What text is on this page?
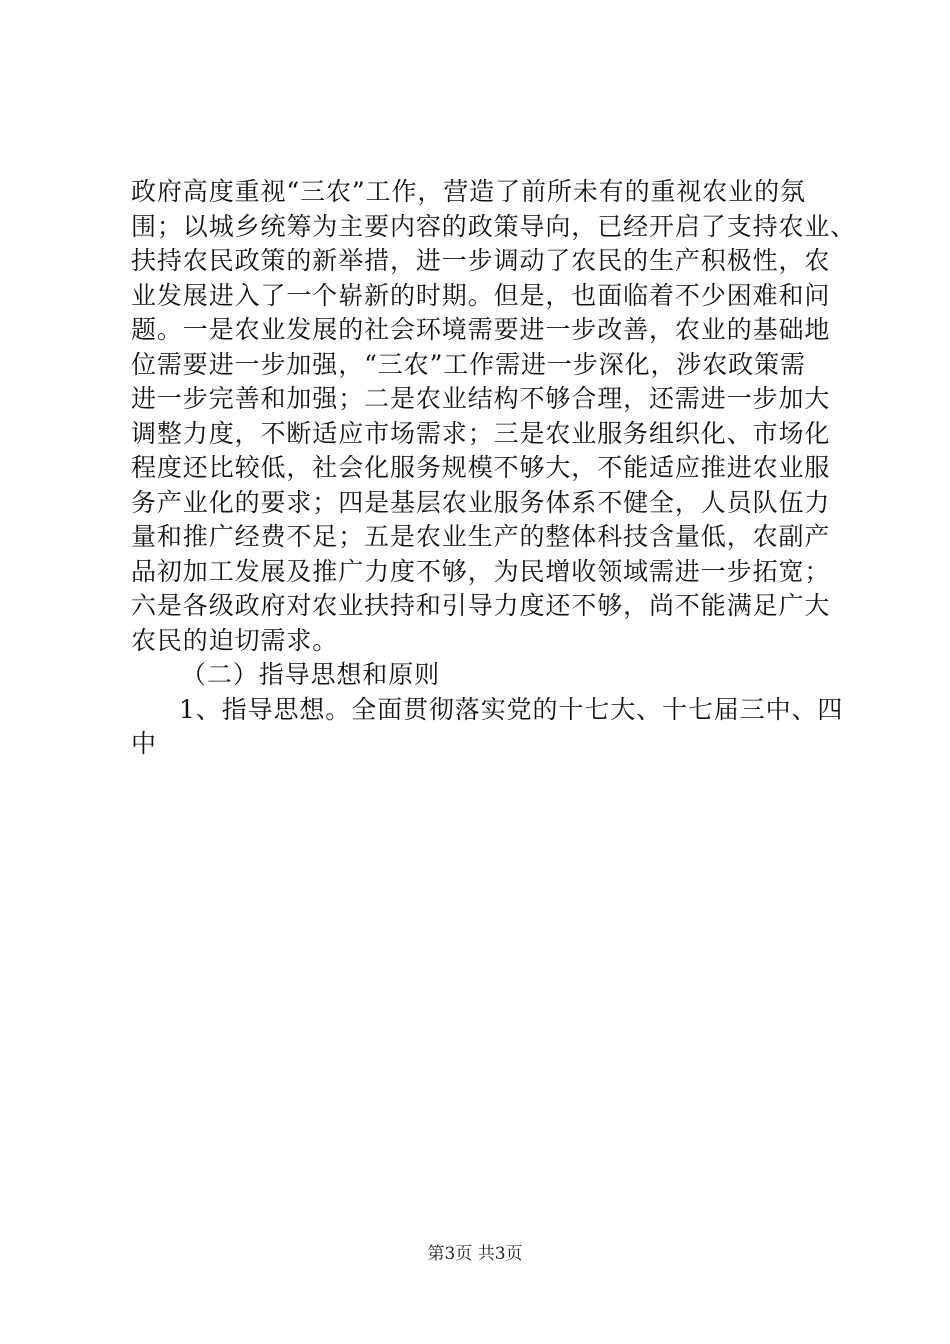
政府高度重视“三农”工作，营造了前所未有的重视农业的氛
围；以城乡统筹为主要内容的政策导向，已经开启了支持农业、
扶持农民政策的新举措，进一步调动了农民的生产积极性，农
业发展进入了一个崭新的时期。但是，也面临着不少困难和问
题。一是农业发展的社会环境需要进一步改善，农业的基础地
位需要进一步加强，“三农”工作需进一步深化，涉农政策需
进一步完善和加强；二是农业结构不够合理，还需进一步加大
调整力度，不断适应市场需求；三是农业服务组织化、市场化
程度还比较低，社会化服务规模不够大，不能适应推进农业服
务产业化的要求；四是基层农业服务体系不健全，人员队伍力
量和推广经费不足；五是农业生产的整体科技含量低，农副产
品初加工发展及推广力度不够，为民增收领域需进一步拓宽；
六是各级政府对农业扶持和引导力度还不够，尚不能满足广大
农民的迫切需求。
（二）指导思想和原则
1、指导思想。全面贯彻落实党的十七大、十七届三中、四
中
第3页 共3页
